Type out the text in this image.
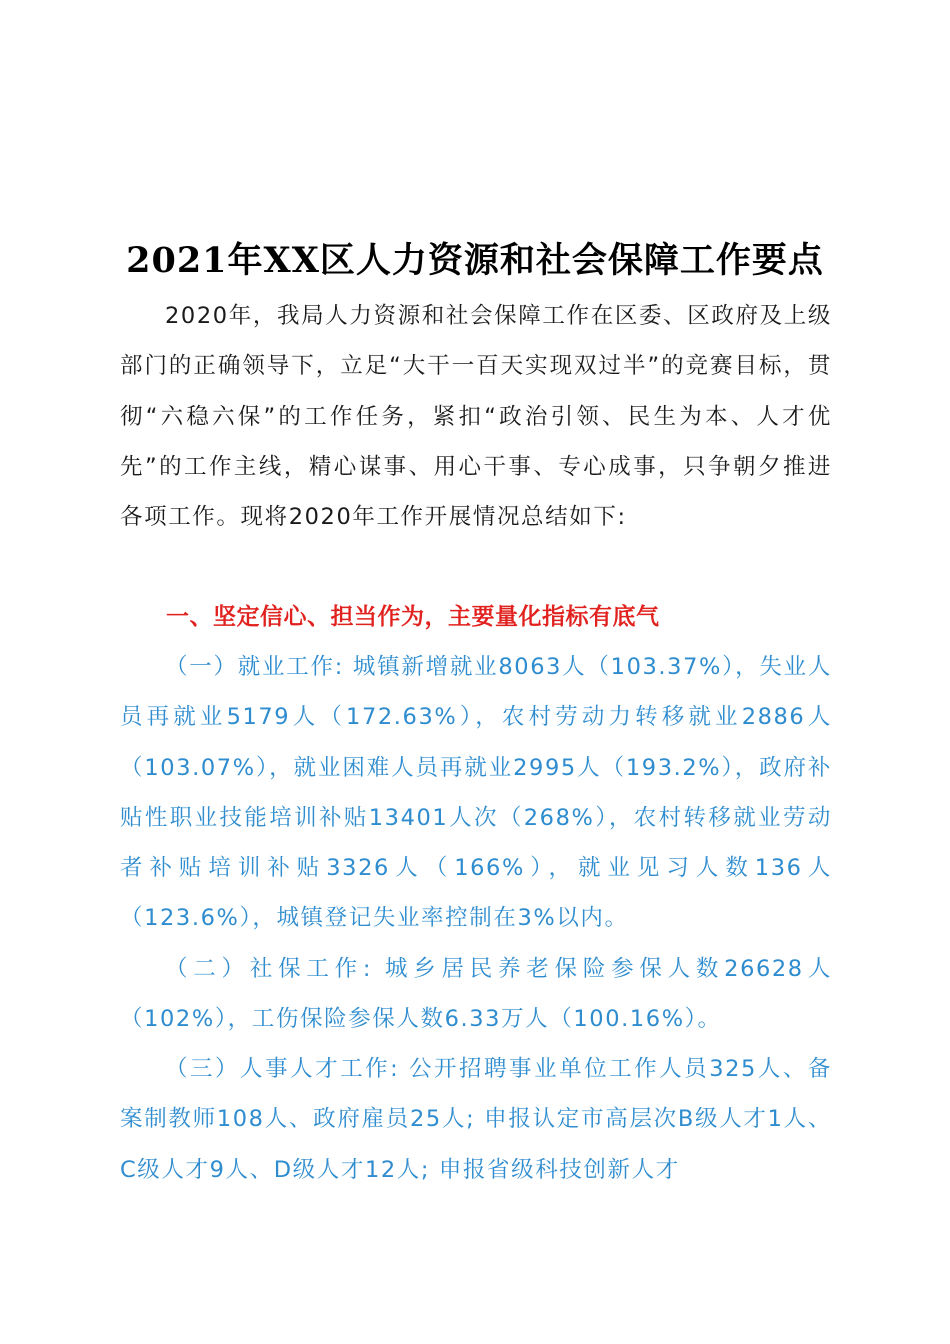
2021年XX区人力资源和社会保障工作要点

2020年，我局人力资源和社会保障工作在区委、区政府及上级部门的正确领导下，立足“大干一百天实现双过半”的竞赛目标，贯彻“六稳六保”的工作任务，紧扣“政治引领、民生为本、人才优先”的工作主线，精心谋事、用心干事、专心成事，只争朝夕推进各项工作。现将2020年工作开展情况总结如下:

一、坚定信心、担当作为，主要量化指标有底气

（一）就业工作: 城镇新增就业8063人（103.37%），失业人员再就业5179人（172.63%），农村劳动力转移就业2886人（103.07%），就业困难人员再就业2995人（193.2%），政府补贴性职业技能培训补贴13401人次（268%），农村转移就业劳动者补贴培训补贴3326人（166%），就业见习人数136人（123.6%），城镇登记失业率控制在3%以内。

（二）社保工作: 城乡居民养老保险参保人数26628人（102%），工伤保险参保人数6.33万人（100.16%）。

（三）人事人才工作: 公开招聘事业单位工作人员325人、备案制教师108人、政府雇员25人; 申报认定市高层次B级人才1人、C级人才9人、D级人才12人; 申报省级科技创新人才
